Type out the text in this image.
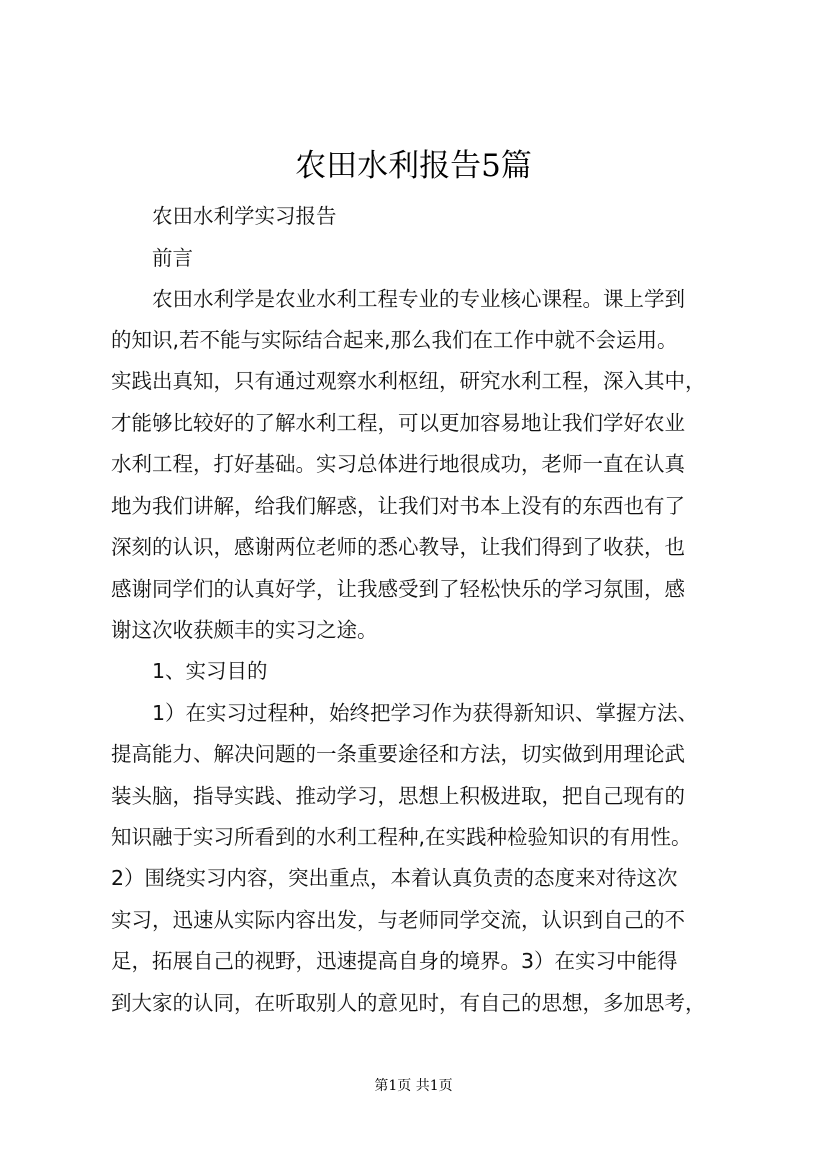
农田水利报告5篇

　　农田水利学实习报告

　　前言

　　农田水利学是农业水利工程专业的专业核心课程。课上学到

的知识,若不能与实际结合起来,那么我们在工作中就不会运用。

实践出真知，只有通过观察水利枢纽，研究水利工程，深入其中，

才能够比较好的了解水利工程，可以更加容易地让我们学好农业

水利工程，打好基础。实习总体进行地很成功，老师一直在认真

地为我们讲解，给我们解惑，让我们对书本上没有的东西也有了

深刻的认识，感谢两位老师的悉心教导，让我们得到了收获，也

感谢同学们的认真好学，让我感受到了轻松快乐的学习氛围，感

谢这次收获颇丰的实习之途。

　　1、实习目的

　　1）在实习过程种，始终把学习作为获得新知识、掌握方法、

提高能力、解决问题的一条重要途径和方法，切实做到用理论武

装头脑，指导实践、推动学习，思想上积极进取，把自己现有的

知识融于实习所看到的水利工程种,在实践种检验知识的有用性。

2）围绕实习内容，突出重点，本着认真负责的态度来对待这次

实习，迅速从实际内容出发，与老师同学交流，认识到自己的不

足，拓展自己的视野，迅速提高自身的境界。3）在实习中能得

到大家的认同，在听取别人的意见时，有自己的思想，多加思考，

第1页 共1页
